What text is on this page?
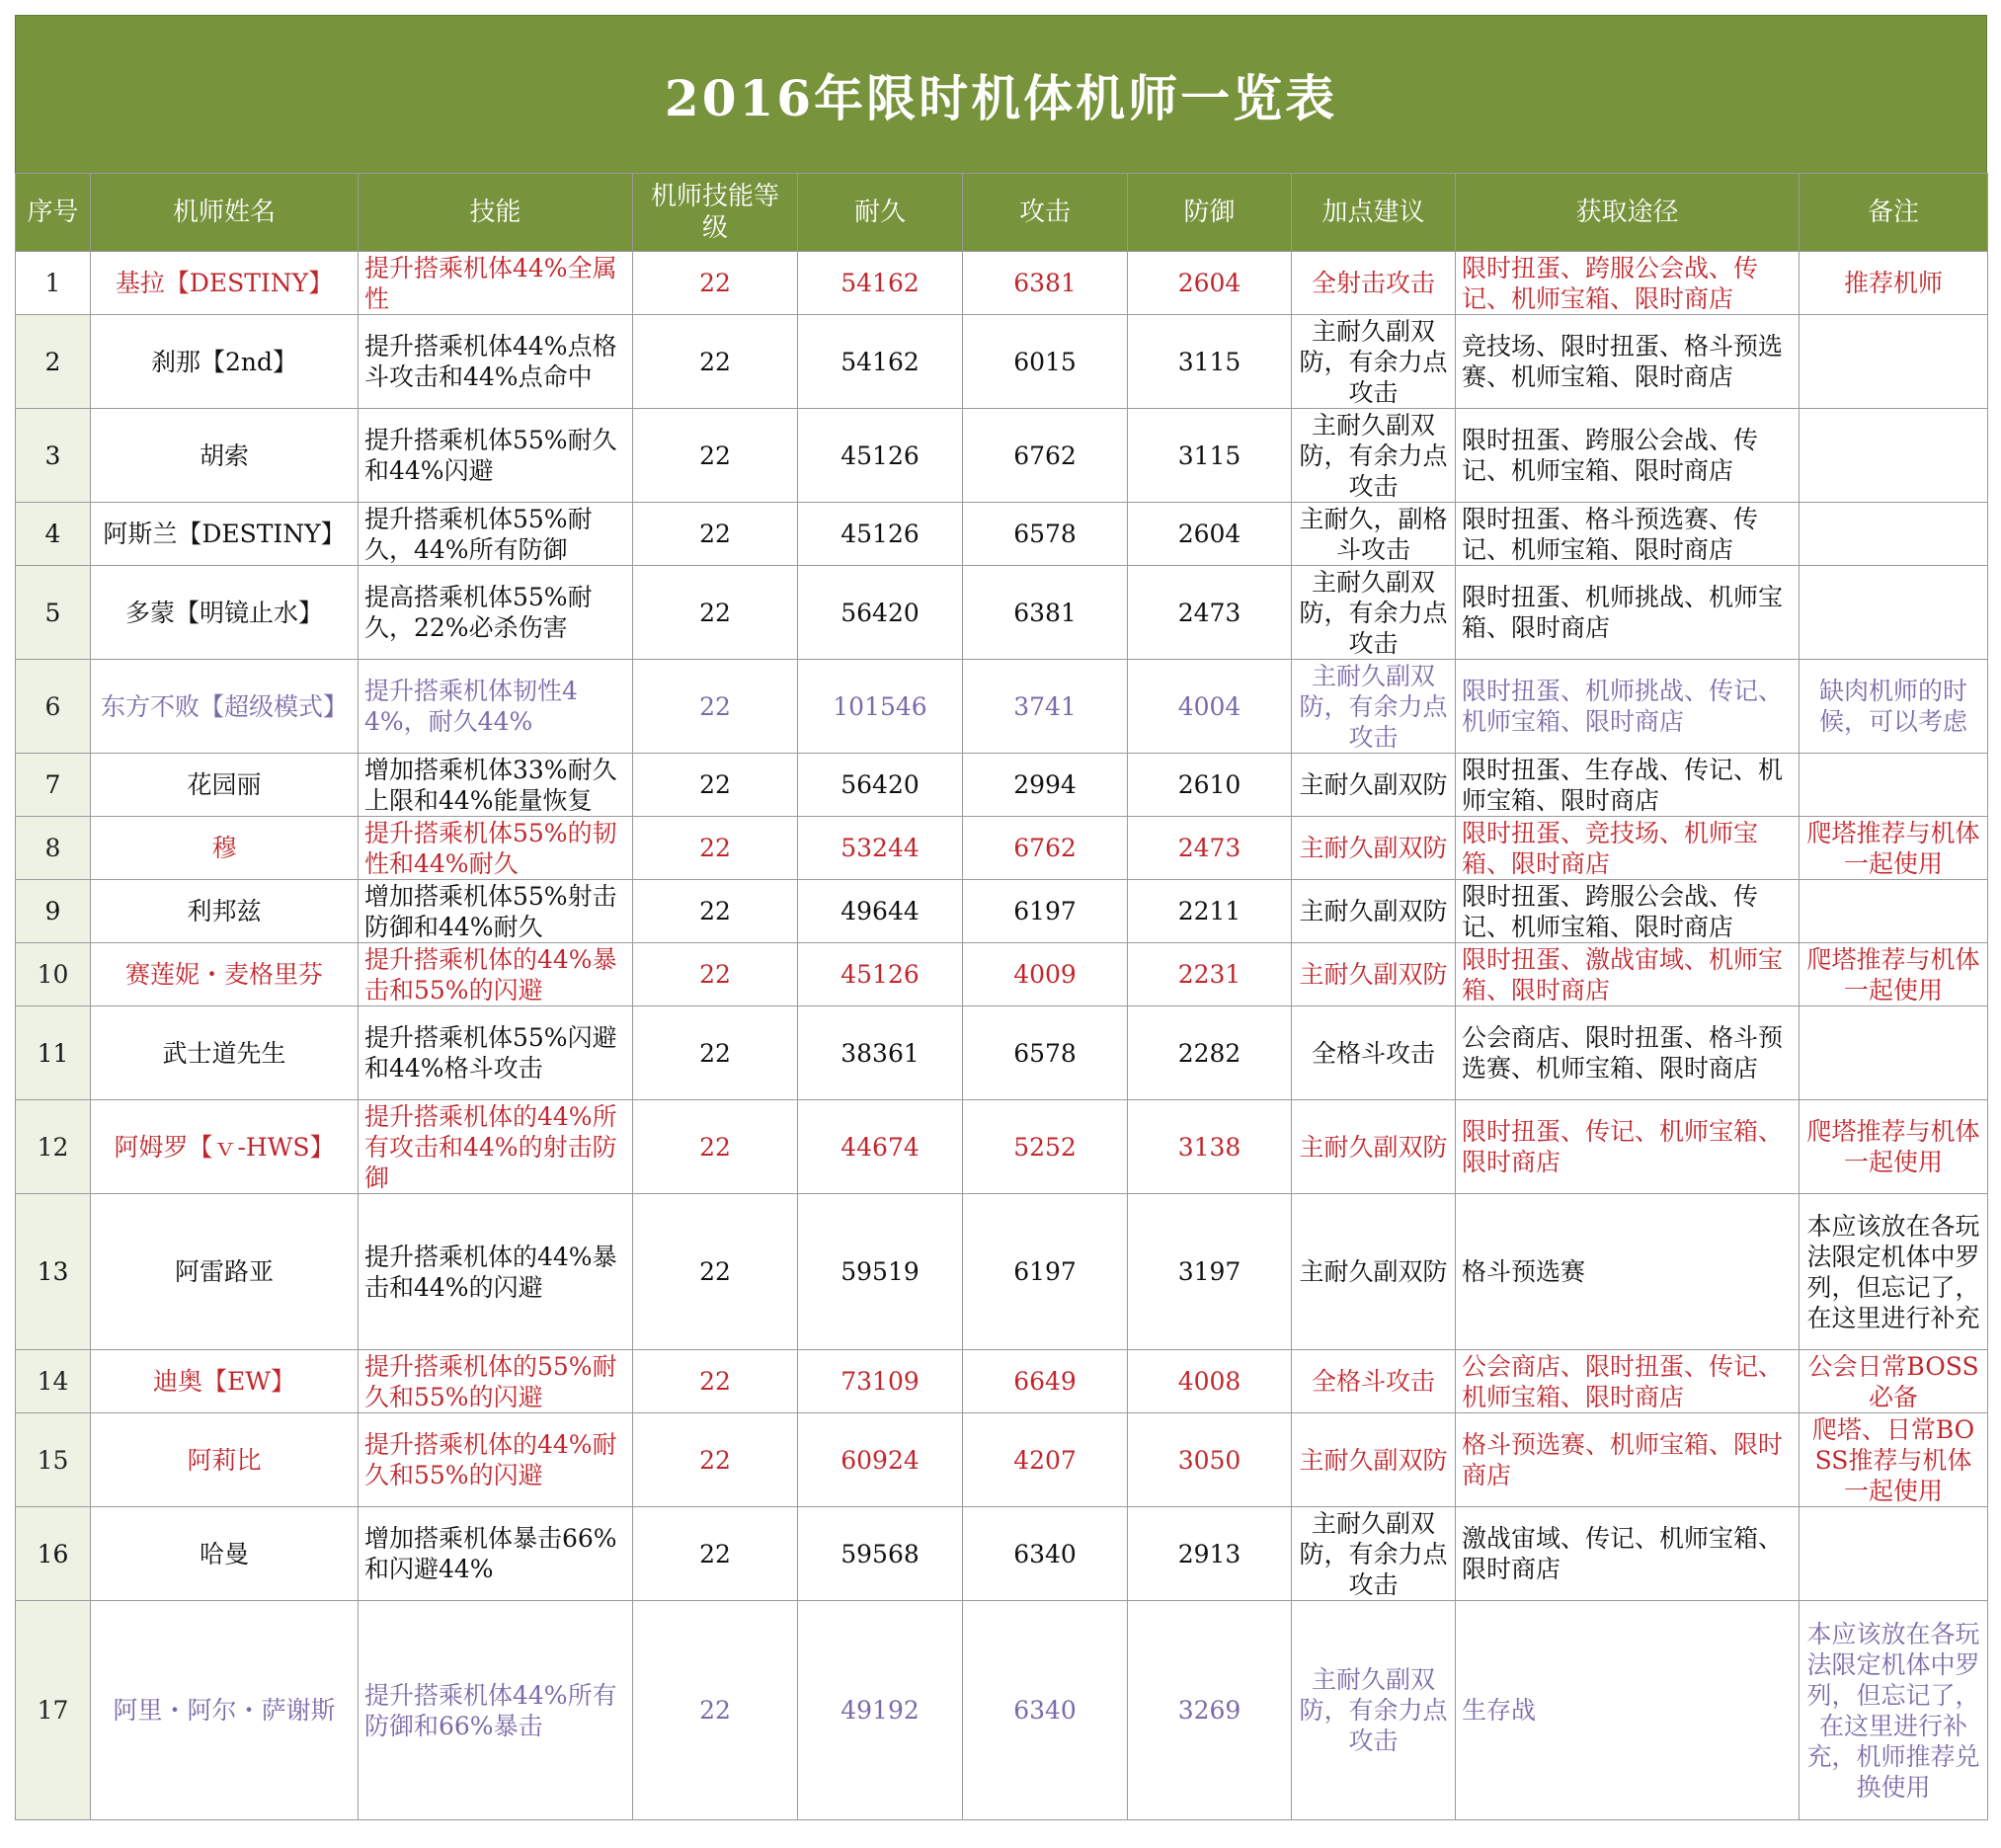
2016年限时机体机师一览表
序号	机师姓名	技能	机师技能等级	耐久	攻击	防御	加点建议	获取途径	备注
1	基拉【DESTINY】	提升搭乘机体44%全属性	22	54162	6381	2604	全射击攻击	限时扭蛋、跨服公会战、传记、机师宝箱、限时商店	推荐机师
2	刹那【2nd】	提升搭乘机体44%点格斗攻击和44%点命中	22	54162	6015	3115	主耐久副双防，有余力点攻击	竞技场、限时扭蛋、格斗预选赛、机师宝箱、限时商店	
3	胡索	提升搭乘机体55%耐久和44%闪避	22	45126	6762	3115	主耐久副双防，有余力点攻击	限时扭蛋、跨服公会战、传记、机师宝箱、限时商店	
4	阿斯兰【DESTINY】	提升搭乘机体55%耐久，44%所有防御	22	45126	6578	2604	主耐久，副格斗攻击	限时扭蛋、格斗预选赛、传记、机师宝箱、限时商店	
5	多蒙【明镜止水】	提高搭乘机体55%耐久，22%必杀伤害	22	56420	6381	2473	主耐久副双防，有余力点攻击	限时扭蛋、机师挑战、机师宝箱、限时商店	
6	东方不败【超级模式】	提升搭乘机体韧性44%，耐久44%	22	101546	3741	4004	主耐久副双防，有余力点攻击	限时扭蛋、机师挑战、传记、机师宝箱、限时商店	缺肉机师的时候，可以考虑
7	花园丽	增加搭乘机体33%耐久上限和44%能量恢复	22	56420	2994	2610	主耐久副双防	限时扭蛋、生存战、传记、机师宝箱、限时商店	
8	穆	提升搭乘机体55%的韧性和44%耐久	22	53244	6762	2473	主耐久副双防	限时扭蛋、竞技场、机师宝箱、限时商店	爬塔推荐与机体一起使用
9	利邦兹	增加搭乘机体55%射击防御和44%耐久	22	49644	6197	2211	主耐久副双防	限时扭蛋、跨服公会战、传记、机师宝箱、限时商店	
10	赛莲妮・麦格里芬	提升搭乘机体的44%暴击和55%的闪避	22	45126	4009	2231	主耐久副双防	限时扭蛋、激战宙域、机师宝箱、限时商店	爬塔推荐与机体一起使用
11	武士道先生	提升搭乘机体55%闪避和44%格斗攻击	22	38361	6578	2282	全格斗攻击	公会商店、限时扭蛋、格斗预选赛、机师宝箱、限时商店	
12	阿姆罗【ｖ-HWS】	提升搭乘机体的44%所有攻击和44%的射击防御	22	44674	5252	3138	主耐久副双防	限时扭蛋、传记、机师宝箱、限时商店	爬塔推荐与机体一起使用
13	阿雷路亚	提升搭乘机体的44%暴击和44%的闪避	22	59519	6197	3197	主耐久副双防	格斗预选赛	本应该放在各玩法限定机体中罗列，但忘记了，在这里进行补充
14	迪奥【EW】	提升搭乘机体的55%耐久和55%的闪避	22	73109	6649	4008	全格斗攻击	公会商店、限时扭蛋、传记、机师宝箱、限时商店	公会日常BOSS必备
15	阿莉比	提升搭乘机体的44%耐久和55%的闪避	22	60924	4207	3050	主耐久副双防	格斗预选赛、机师宝箱、限时商店	爬塔、日常BOSS推荐与机体一起使用
16	哈曼	增加搭乘机体暴击66%和闪避44%	22	59568	6340	2913	主耐久副双防，有余力点攻击	激战宙域、传记、机师宝箱、限时商店	
17	阿里・阿尔・萨谢斯	提升搭乘机体44%所有防御和66%暴击	22	49192	6340	3269	主耐久副双防，有余力点攻击	生存战	本应该放在各玩法限定机体中罗列，但忘记了，在这里进行补充，机师推荐兑换使用
